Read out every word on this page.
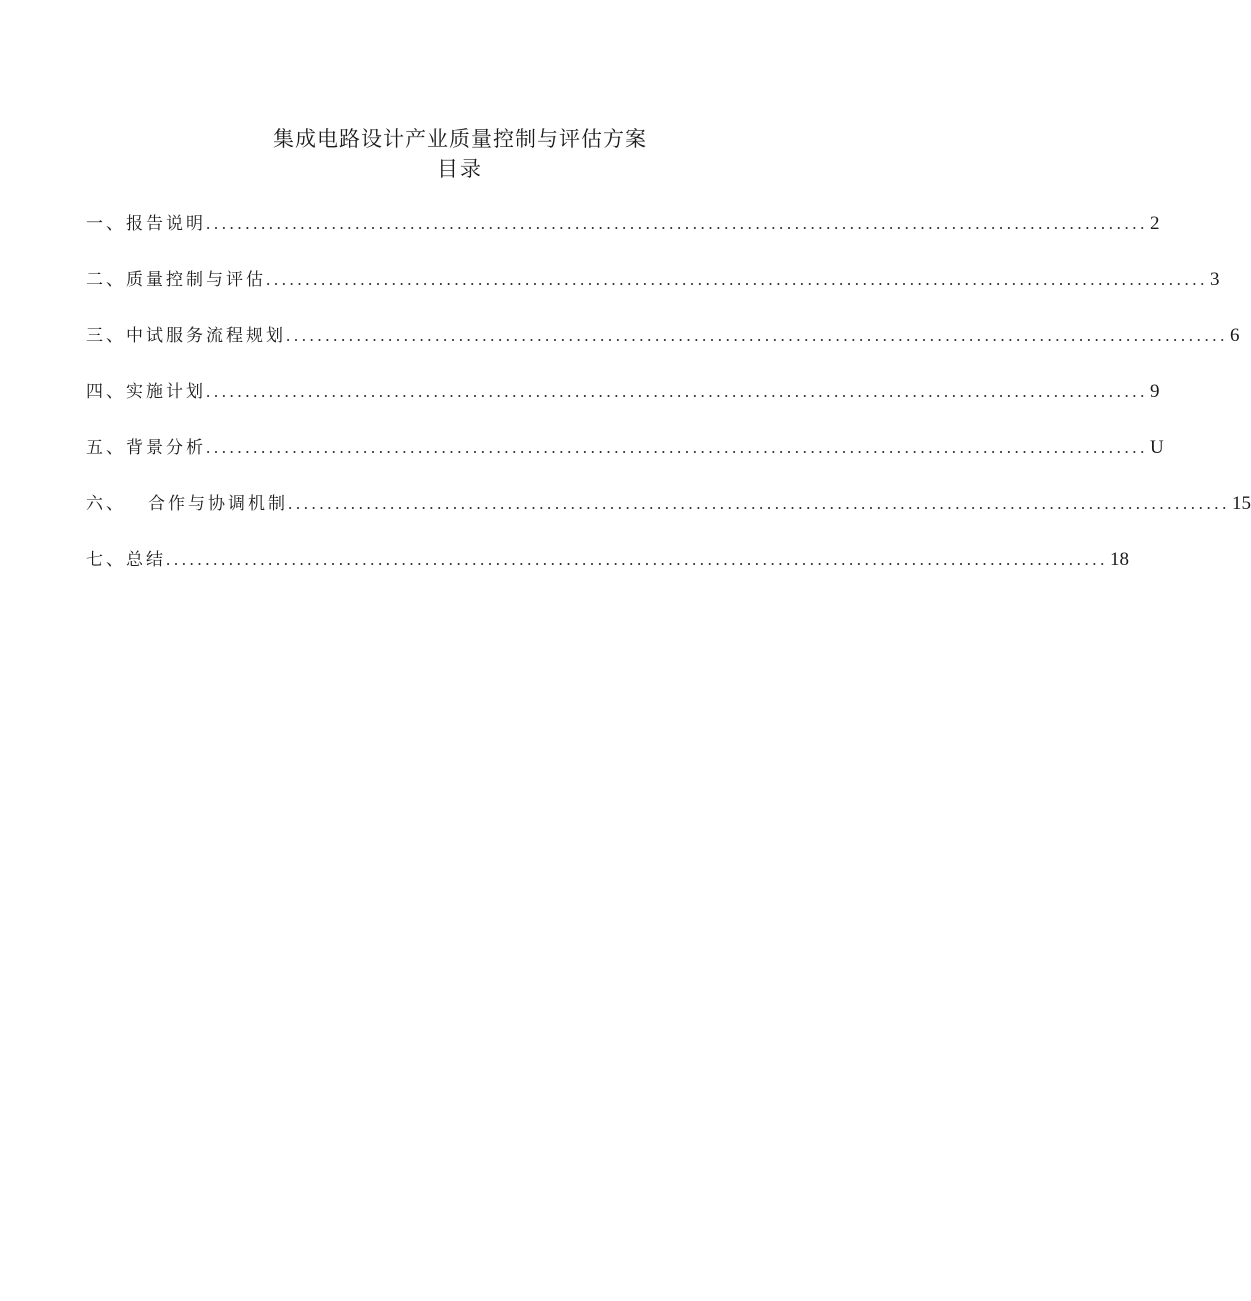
集成电路设计产业质量控制与评估方案
目录
一、报告说明 ........................................................................................................................ 2
二、质量控制与评估 ........................................................................................................................ 3
三、中试服务流程规划 ........................................................................................................................ 6
四、实施计划 ........................................................................................................................ 9
五、背景分析 ........................................................................................................................ U
六、 合作与协调机制 ........................................................................................................................ 15
七、总结 ........................................................................................................................ 18
